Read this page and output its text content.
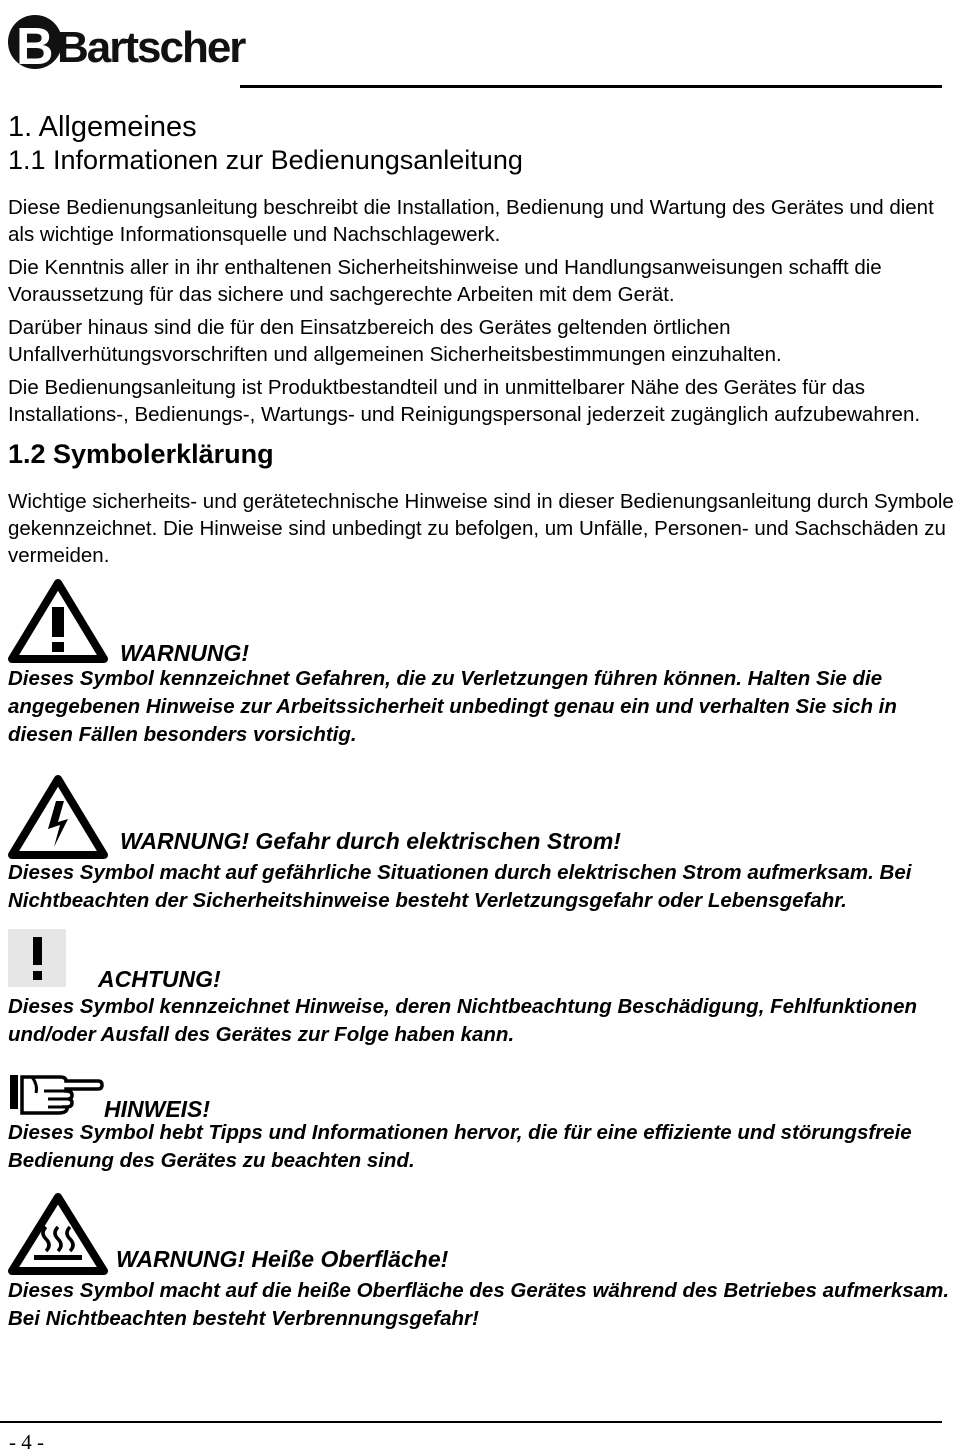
B Bartscher
1. Allgemeines
1.1 Informationen zur Bedienungsanleitung

Diese Bedienungsanleitung beschreibt die Installation, Bedienung und Wartung des Gerätes und dient als wichtige Informationsquelle und Nachschlagewerk.

Die Kenntnis aller in ihr enthaltenen Sicherheitshinweise und Handlungsanweisungen schafft die Voraussetzung für das sichere und sachgerechte Arbeiten mit dem Gerät.

Darüber hinaus sind die für den Einsatzbereich des Gerätes geltenden örtlichen Unfallverhütungsvorschriften und allgemeinen Sicherheitsbestimmungen einzuhalten.

Die Bedienungsanleitung ist Produktbestandteil und in unmittelbarer Nähe des Gerätes für das Installations-, Bedienungs-, Wartungs- und Reinigungspersonal jederzeit zugänglich aufzubewahren.

1.2 Symbolerklärung

Wichtige sicherheits- und gerätetechnische Hinweise sind in dieser Bedienungsanleitung durch Symbole gekennzeichnet. Die Hinweise sind unbedingt zu befolgen, um Unfälle, Personen- und Sachschäden zu vermeiden.

WARNUNG!

Dieses Symbol kennzeichnet Gefahren, die zu Verletzungen führen können. Halten Sie die angegebenen Hinweise zur Arbeitssicherheit unbedingt genau ein und verhalten Sie sich in diesen Fällen besonders vorsichtig.

WARNUNG! Gefahr durch elektrischen Strom!

Dieses Symbol macht auf gefährliche Situationen durch elektrischen Strom aufmerksam. Bei Nichtbeachten der Sicherheitshinweise besteht Verletzungsgefahr oder Lebensgefahr.

ACHTUNG!

Dieses Symbol kennzeichnet Hinweise, deren Nichtbeachtung Beschädigung, Fehlfunktionen und/oder Ausfall des Gerätes zur Folge haben kann.

HINWEIS!

Dieses Symbol hebt Tipps und Informationen hervor, die für eine effiziente und störungsfreie Bedienung des Gerätes zu beachten sind.

WARNUNG! Heiße Oberfläche!

Dieses Symbol macht auf die heiße Oberfläche des Gerätes während des Betriebes aufmerksam. Bei Nichtbeachten besteht Verbrennungsgefahr!

- 4 -
